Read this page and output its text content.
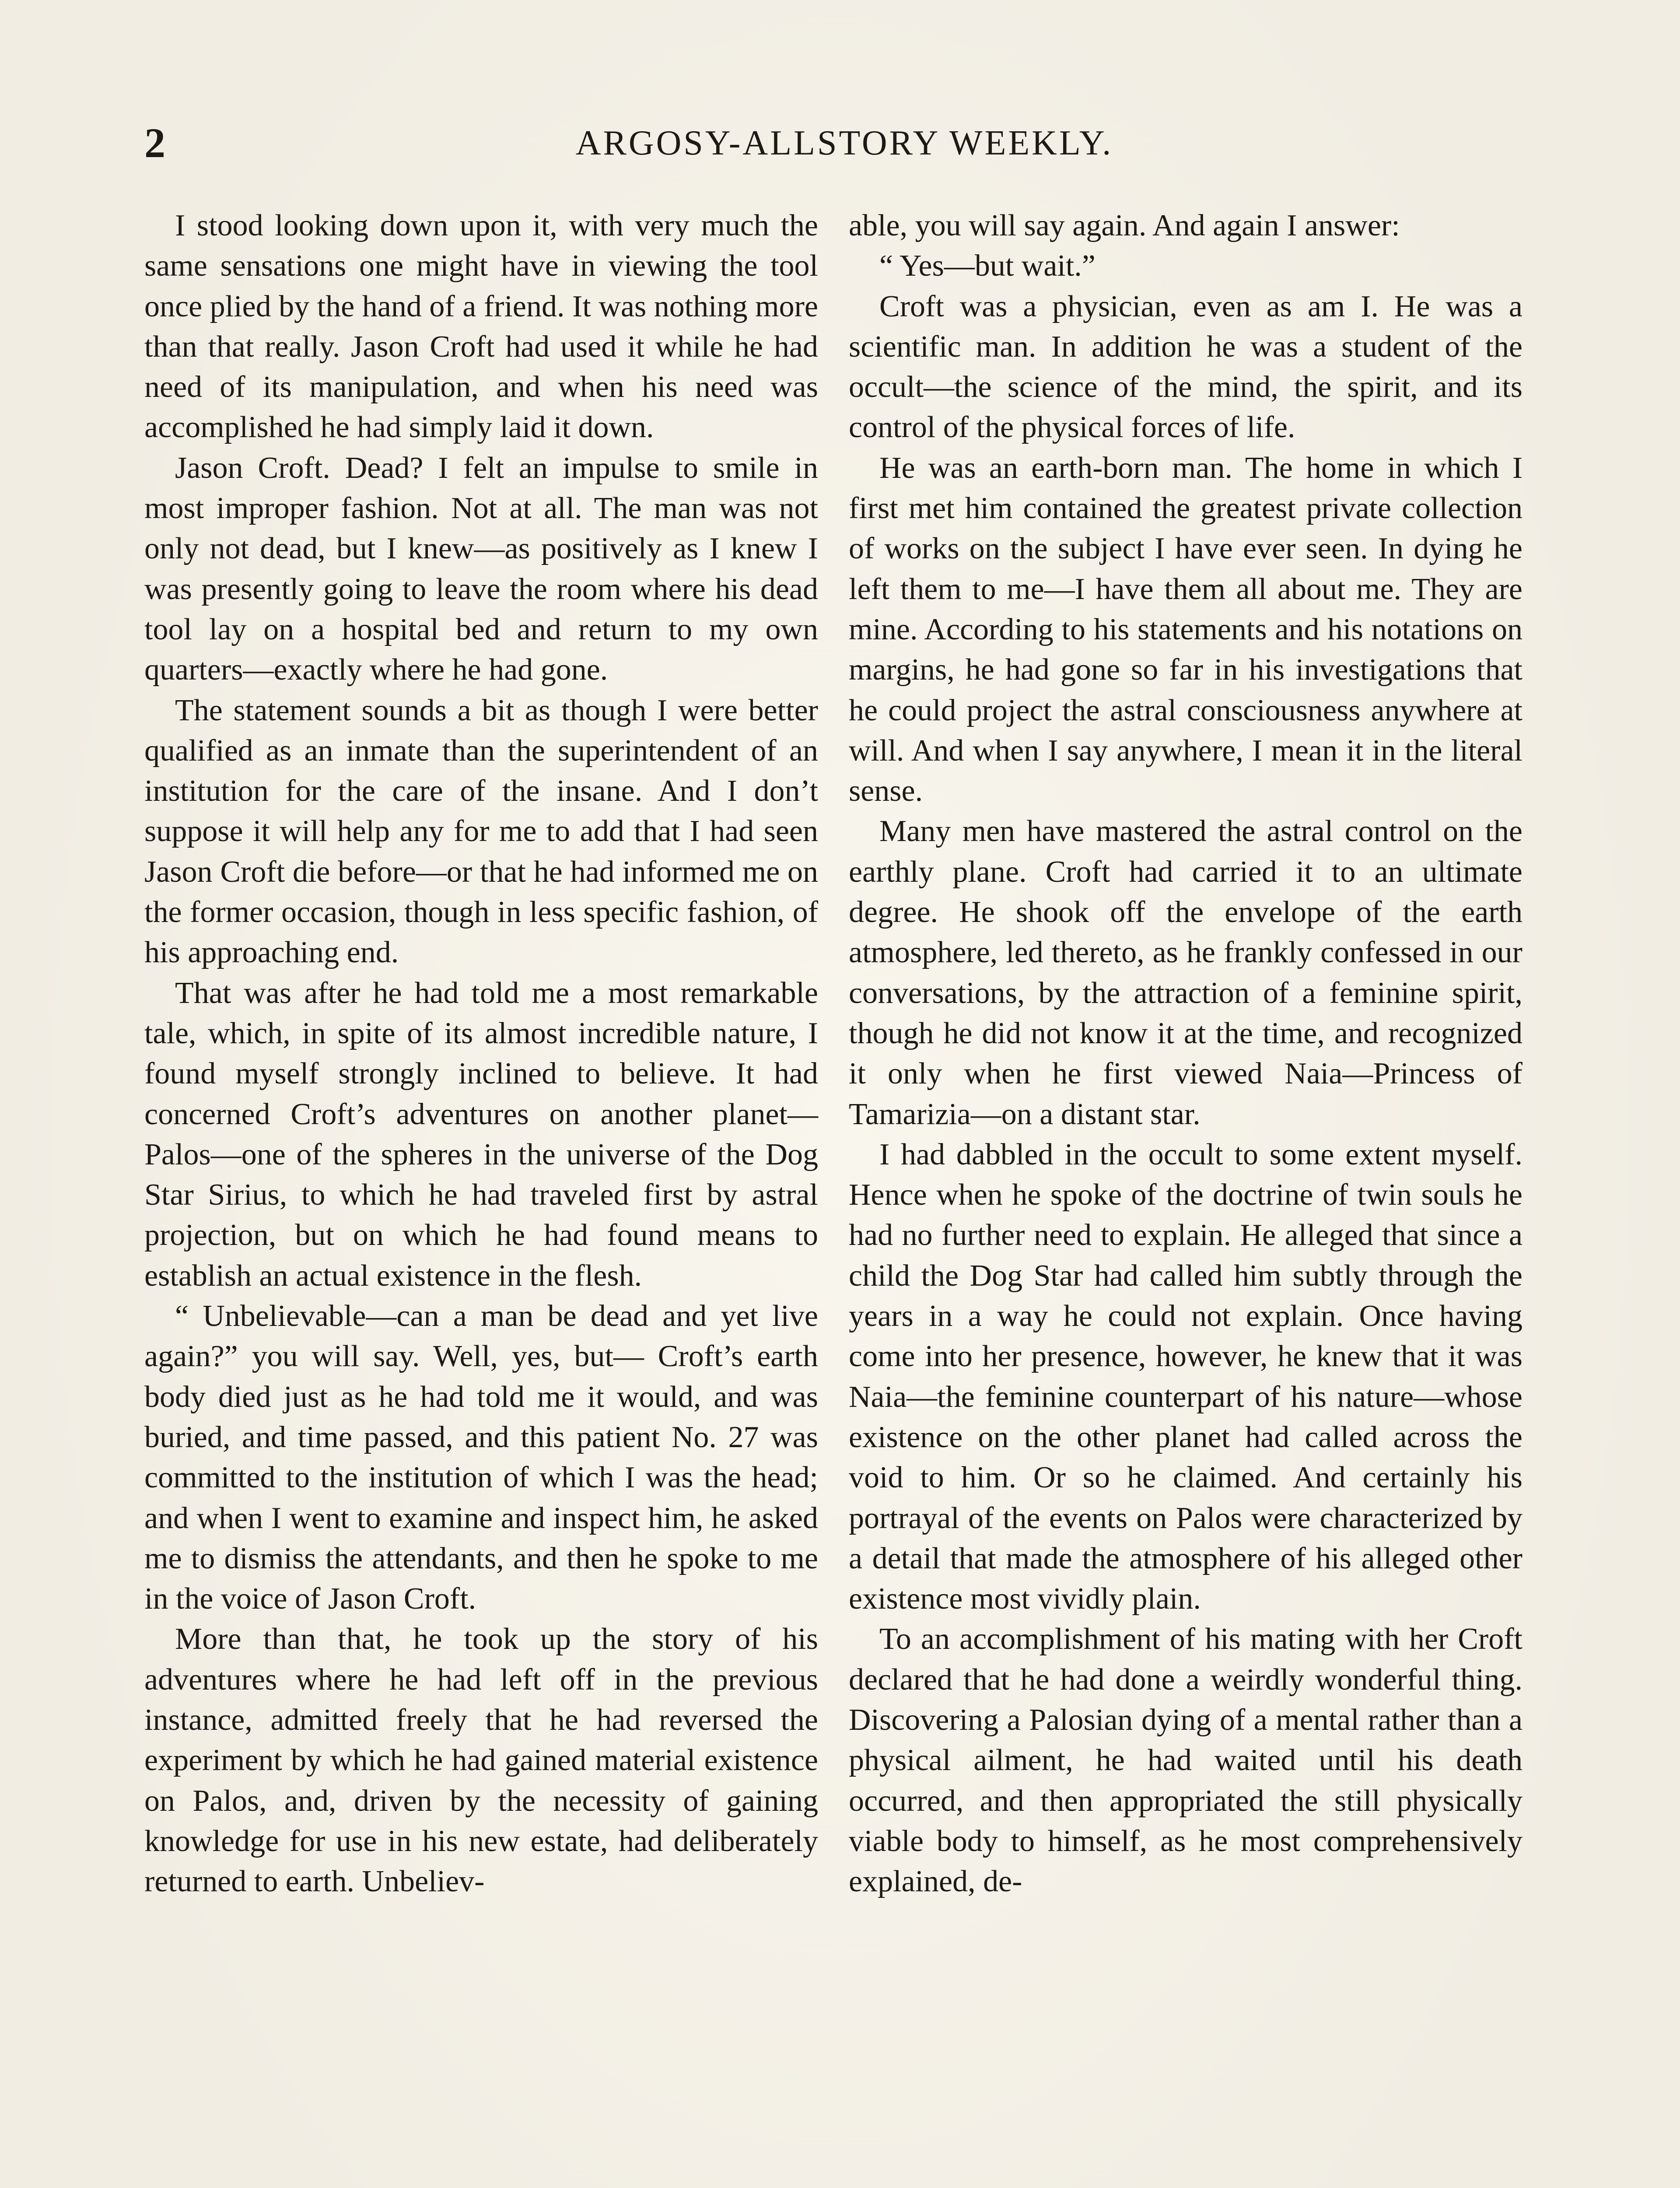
2	ARGOSY-ALLSTORY WEEKLY.

I stood looking down upon it, with very much the same sensations one might have in viewing the tool once plied by the hand of a friend. It was nothing more than that really. Jason Croft had used it while he had need of its manipulation, and when his need was accomplished he had simply laid it down.

Jason Croft. Dead? I felt an impulse to smile in most improper fashion. Not at all. The man was not only not dead, but I knew—as positively as I knew I was presently going to leave the room where his dead tool lay on a hospital bed and return to my own quarters—exactly where he had gone.

The statement sounds a bit as though I were better qualified as an inmate than the superintendent of an institution for the care of the insane. And I don’t suppose it will help any for me to add that I had seen Jason Croft die before—or that he had informed me on the former occasion, though in less specific fashion, of his approaching end.

That was after he had told me a most remarkable tale, which, in spite of its almost incredible nature, I found myself strongly inclined to believe. It had concerned Croft’s adventures on another planet—Palos—one of the spheres in the universe of the Dog Star Sirius, to which he had traveled first by astral projection, but on which he had found means to establish an actual existence in the flesh.

“ Unbelievable—can a man be dead and yet live again?” you will say. Well, yes, but— Croft’s earth body died just as he had told me it would, and was buried, and time passed, and this patient No. 27 was committed to the institution of which I was the head; and when I went to examine and inspect him, he asked me to dismiss the attendants, and then he spoke to me in the voice of Jason Croft.

More than that, he took up the story of his adventures where he had left off in the previous instance, admitted freely that he had reversed the experiment by which he had gained material existence on Palos, and, driven by the necessity of gaining knowledge for use in his new estate, had deliberately returned to earth. Unbeliev-

able, you will say again. And again I answer:

“ Yes—but wait.”

Croft was a physician, even as am I. He was a scientific man. In addition he was a student of the occult—the science of the mind, the spirit, and its control of the physical forces of life.

He was an earth-born man. The home in which I first met him contained the greatest private collection of works on the subject I have ever seen. In dying he left them to me—I have them all about me. They are mine. According to his statements and his notations on margins, he had gone so far in his investigations that he could project the astral consciousness anywhere at will. And when I say anywhere, I mean it in the literal sense.

Many men have mastered the astral control on the earthly plane. Croft had carried it to an ultimate degree. He shook off the envelope of the earth atmosphere, led thereto, as he frankly confessed in our conversations, by the attraction of a feminine spirit, though he did not know it at the time, and recognized it only when he first viewed Naia—Princess of Tamarizia—on a distant star.

I had dabbled in the occult to some extent myself. Hence when he spoke of the doctrine of twin souls he had no further need to explain. He alleged that since a child the Dog Star had called him subtly through the years in a way he could not explain. Once having come into her presence, however, he knew that it was Naia—the feminine counterpart of his nature—whose existence on the other planet had called across the void to him. Or so he claimed. And certainly his portrayal of the events on Palos were characterized by a detail that made the atmosphere of his alleged other existence most vividly plain.

To an accomplishment of his mating with her Croft declared that he had done a weirdly wonderful thing. Discovering a Palosian dying of a mental rather than a physical ailment, he had waited until his death occurred, and then appropriated the still physically viable body to himself, as he most comprehensively explained, de-
